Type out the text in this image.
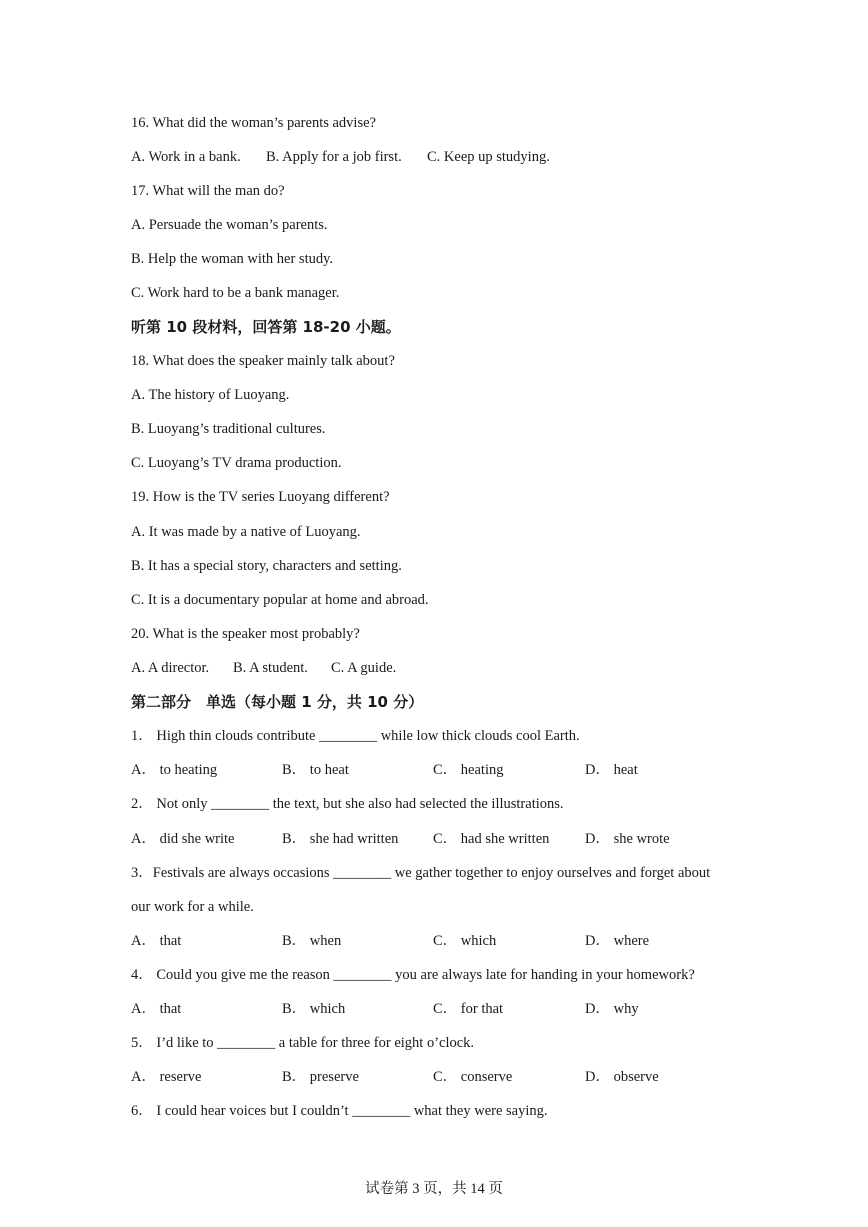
16. What did the woman’s parents advise?
A. Work in a bank. B. Apply for a job first. C. Keep up studying.
17. What will the man do?
A. Persuade the woman’s parents.
B. Help the woman with her study.
C. Work hard to be a bank manager.
听第 10 段材料，回答第 18-20 小题。
18. What does the speaker mainly talk about?
A. The history of Luoyang.
B. Luoyang’s traditional cultures.
C. Luoyang’s TV drama production.
19. How is the TV series Luoyang different?
A. It was made by a native of Luoyang.
B. It has a special story, characters and setting.
C. It is a documentary popular at home and abroad.
20. What is the speaker most probably?
A. A director. B. A student. C. A guide.
第二部分　单选（每小题 1 分，共 10 分）
1． High thin clouds contribute ________ while low thick clouds cool Earth.
A． to heating	B． to heat	C． heating	D． heat
2． Not only ________ the text, but she also had selected the illustrations.
A． did she write	B． she had written C． had she written D． she wrote
3．Festivals are always occasions ________ we gather together to enjoy ourselves and forget about
our work for a while.
A． that	B． when	C． which	D． where
4． Could you give me the reason ________ you are always late for handing in your homework?
A． that	B． which	C． for that	D． why
5． I’d like to ________ a table for three for eight o’clock.
A． reserve	B． preserve	C． conserve	D． observe
6． I could hear voices but I couldn’t ________ what they were saying.
试卷第 3 页，共 14 页
